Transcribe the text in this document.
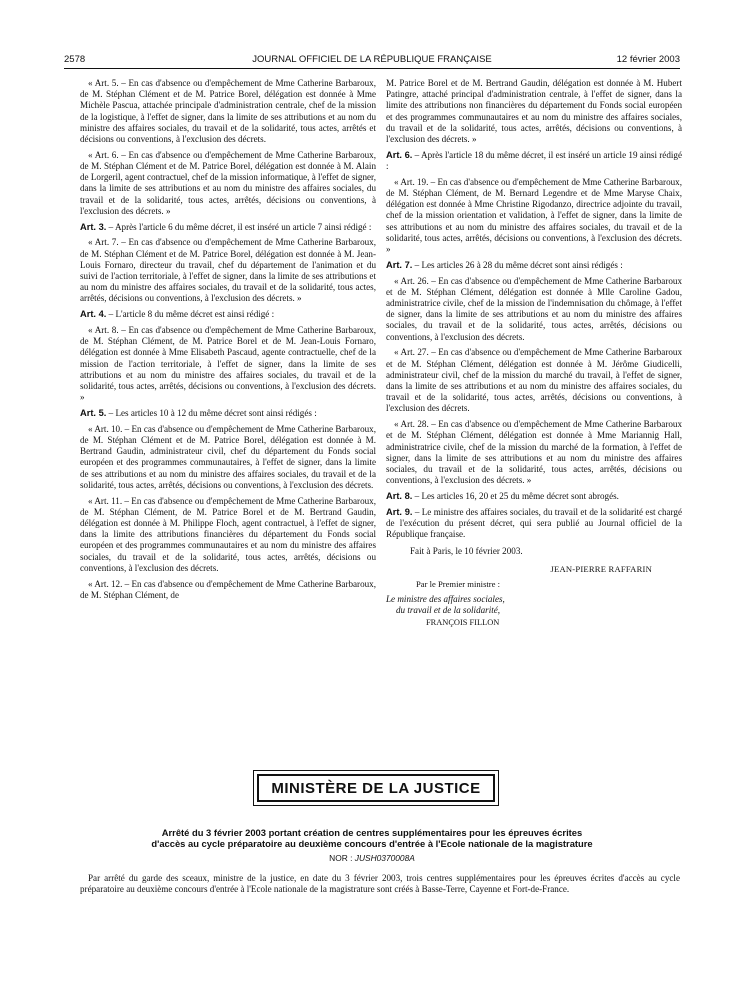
2578	JOURNAL OFFICIEL DE LA RÉPUBLIQUE FRANÇAISE	12 février 2003

« Art. 5. – En cas d'absence ou d'empêchement de Mme Catherine Barbaroux, de M. Stéphan Clément et de M. Patrice Borel, délégation est donnée à Mme Michèle Pascua, attachée principale d'administration centrale, chef de la mission de la logistique, à l'effet de signer, dans la limite de ses attributions et au nom du ministre des affaires sociales, du travail et de la solidarité, tous actes, arrêtés et décisions ou conventions, à l'exclusion des décrets.

« Art. 6. – En cas d'absence ou d'empêchement de Mme Catherine Barbaroux, de M. Stéphan Clément et de M. Patrice Borel, délégation est donnée à M. Alain de Lorgeril, agent contractuel, chef de la mission informatique, à l'effet de signer, dans la limite de ses attributions et au nom du ministre des affaires sociales, du travail et de la solidarité, tous actes, arrêtés, décisions ou conventions, à l'exclusion des décrets. »

Art. 3. – Après l'article 6 du même décret, il est inséré un article 7 ainsi rédigé :

« Art. 7. – En cas d'absence ou d'empêchement de Mme Catherine Barbaroux, de M. Stéphan Clément et de M. Patrice Borel, délégation est donnée à M. Jean-Louis Fornaro, directeur du travail, chef du département de l'animation et du suivi de l'action territoriale, à l'effet de signer, dans la limite de ses attributions et au nom du ministre des affaires sociales, du travail et de la solidarité, tous actes, arrêtés, décisions ou conventions, à l'exclusion des décrets. »

Art. 4. – L'article 8 du même décret est ainsi rédigé :

« Art. 8. – En cas d'absence ou d'empêchement de Mme Catherine Barbaroux, de M. Stéphan Clément, de M. Patrice Borel et de M. Jean-Louis Fornaro, délégation est donnée à Mme Elisabeth Pascaud, agente contractuelle, chef de la mission de l'action territoriale, à l'effet de signer, dans la limite de ses attributions et au nom du ministre des affaires sociales, du travail et de la solidarité, tous actes, arrêtés, décisions ou conventions, à l'exclusion des décrets. »

Art. 5. – Les articles 10 à 12 du même décret sont ainsi rédigés :

« Art. 10. – En cas d'absence ou d'empêchement de Mme Catherine Barbaroux, de M. Stéphan Clément et de M. Patrice Borel, délégation est donnée à M. Bertrand Gaudin, administrateur civil, chef du département du Fonds social européen et des programmes communautaires, à l'effet de signer, dans la limite de ses attributions et au nom du ministre des affaires sociales, du travail et de la solidarité, tous actes, arrêtés, décisions ou conventions, à l'exclusion des décrets.

« Art. 11. – En cas d'absence ou d'empêchement de Mme Catherine Barbaroux, de M. Stéphan Clément, de M. Patrice Borel et de M. Bertrand Gaudin, délégation est donnée à M. Philippe Floch, agent contractuel, à l'effet de signer, dans la limite des attributions financières du département du Fonds social européen et des programmes communautaires et au nom du ministre des affaires sociales, du travail et de la solidarité, tous actes, arrêtés, décisions ou conventions, à l'exclusion des décrets.

« Art. 12. – En cas d'absence ou d'empêchement de Mme Catherine Barbaroux, de M. Stéphan Clément, de

M. Patrice Borel et de M. Bertrand Gaudin, délégation est donnée à M. Hubert Patingre, attaché principal d'administration centrale, à l'effet de signer, dans la limite des attributions non financières du département du Fonds social européen et des programmes communautaires et au nom du ministre des affaires sociales, du travail et de la solidarité, tous actes, arrêtés, décisions ou conventions, à l'exclusion des décrets. »

Art. 6. – Après l'article 18 du même décret, il est inséré un article 19 ainsi rédigé :

« Art. 19. – En cas d'absence ou d'empêchement de Mme Catherine Barbaroux, de M. Stéphan Clément, de M. Bernard Legendre et de Mme Maryse Chaix, délégation est donnée à Mme Christine Rigodanzo, directrice adjointe du travail, chef de la mission orientation et validation, à l'effet de signer, dans la limite de ses attributions et au nom du ministre des affaires sociales, du travail et de la solidarité, tous actes, arrêtés, décisions ou conventions, à l'exclusion des décrets. »

Art. 7. – Les articles 26 à 28 du même décret sont ainsi rédigés :

« Art. 26. – En cas d'absence ou d'empêchement de Mme Catherine Barbaroux et de M. Stéphan Clément, délégation est donnée à Mlle Caroline Gadou, administratrice civile, chef de la mission de l'indemnisation du chômage, à l'effet de signer, dans la limite de ses attributions et au nom du ministre des affaires sociales, du travail et de la solidarité, tous actes, arrêtés, décisions ou conventions, à l'exclusion des décrets.

« Art. 27. – En cas d'absence ou d'empêchement de Mme Catherine Barbaroux et de M. Stéphan Clément, délégation est donnée à M. Jérôme Giudicelli, administrateur civil, chef de la mission du marché du travail, à l'effet de signer, dans la limite de ses attributions et au nom du ministre des affaires sociales, du travail et de la solidarité, tous actes, arrêtés, décisions ou conventions, à l'exclusion des décrets.

« Art. 28. – En cas d'absence ou d'empêchement de Mme Catherine Barbaroux et de M. Stéphan Clément, délégation est donnée à Mme Mariannig Hall, administratrice civile, chef de la mission du marché de la formation, à l'effet de signer, dans la limite de ses attributions et au nom du ministre des affaires sociales, du travail et de la solidarité, tous actes, arrêtés, décisions ou conventions, à l'exclusion des décrets. »

Art. 8. – Les articles 16, 20 et 25 du même décret sont abrogés.

Art. 9. – Le ministre des affaires sociales, du travail et de la solidarité est chargé de l'exécution du présent décret, qui sera publié au Journal officiel de la République française.

Fait à Paris, le 10 février 2003.

JEAN-PIERRE RAFFARIN
Par le Premier ministre :
Le ministre des affaires sociales,
du travail et de la solidarité,
FRANÇOIS FILLON
MINISTÈRE DE LA JUSTICE
Arrêté du 3 février 2003 portant création de centres supplémentaires pour les épreuves écrites
d'accès au cycle préparatoire au deuxième concours d'entrée à l'Ecole nationale de la magistrature
NOR : JUSH0370008A
Par arrêté du garde des sceaux, ministre de la justice, en date du 3 février 2003, trois centres supplémentaires pour les épreuves écrites d'accès au cycle préparatoire au deuxième concours d'entrée à l'Ecole nationale de la magistrature sont créés à Basse-Terre, Cayenne et Fort-de-France.
